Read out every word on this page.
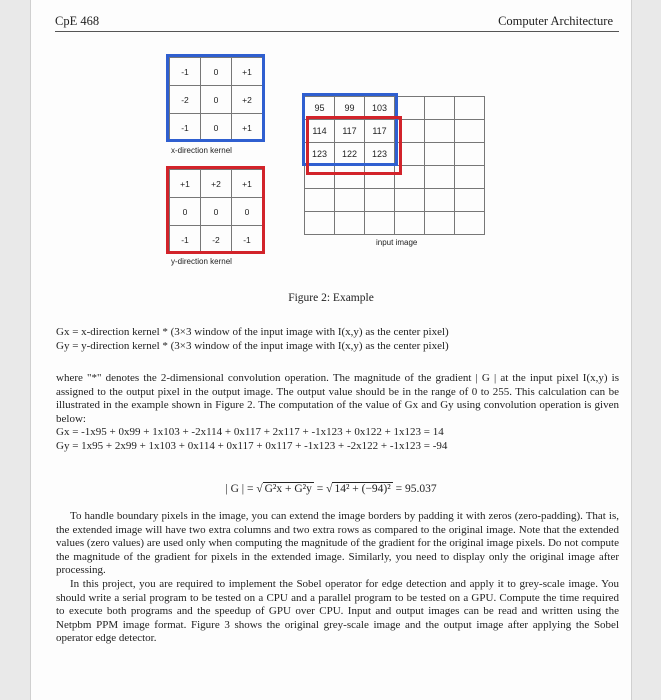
CpE 468	Computer Architecture
-1	0	+1
-2	0	+2
-1	0	+1
x-direction kernel
+1	+2	+1
0	0	0
-1	-2	-1
y-direction kernel
95	99	103			
114	117	117			
123	122	123			

input image
Figure 2: Example

Gx = x-direction kernel * (3×3 window of the input image with I(x,y) as the center pixel)

Gy = y-direction kernel * (3×3 window of the input image with I(x,y) as the center pixel)

where "*" denotes the 2-dimensional convolution operation. The magnitude of the gradient | G | at the input pixel I(x,y) is assigned to the output pixel in the output image. The output value should be in the range of 0 to 255. This calculation can be illustrated in the example shown in Figure 2. The computation of the value of Gx and Gy using convolution operation is given below:

Gx = -1x95 + 0x99 + 1x103 + -2x114 + 0x117 + 2x117 + -1x123 + 0x122 + 1x123 = 14

Gy = 1x95 + 2x99 + 1x103 + 0x114 + 0x117 + 0x117 + -1x123 + -2x122 + -1x123 = -94

| G | = √ G²x + G²y = √ 14² + (−94)² = 95.037

To handle boundary pixels in the image, you can extend the image borders by padding it with zeros (zero-padding). That is, the extended image will have two extra columns and two extra rows as compared to the original image. Note that the extended values (zero values) are used only when computing the magnitude of the gradient for the original image pixels. Do not compute the magnitude of the gradient for pixels in the extended image. Similarly, you need to display only the original image after processing.

In this project, you are required to implement the Sobel operator for edge detection and apply it to grey-scale image. You should write a serial program to be tested on a CPU and a parallel program to be tested on a GPU. Compute the time required to execute both programs and the speedup of GPU over CPU. Input and output images can be read and written using the Netpbm PPM image format. Figure 3 shows the original grey-scale image and the output image after applying the Sobel operator edge detector.
